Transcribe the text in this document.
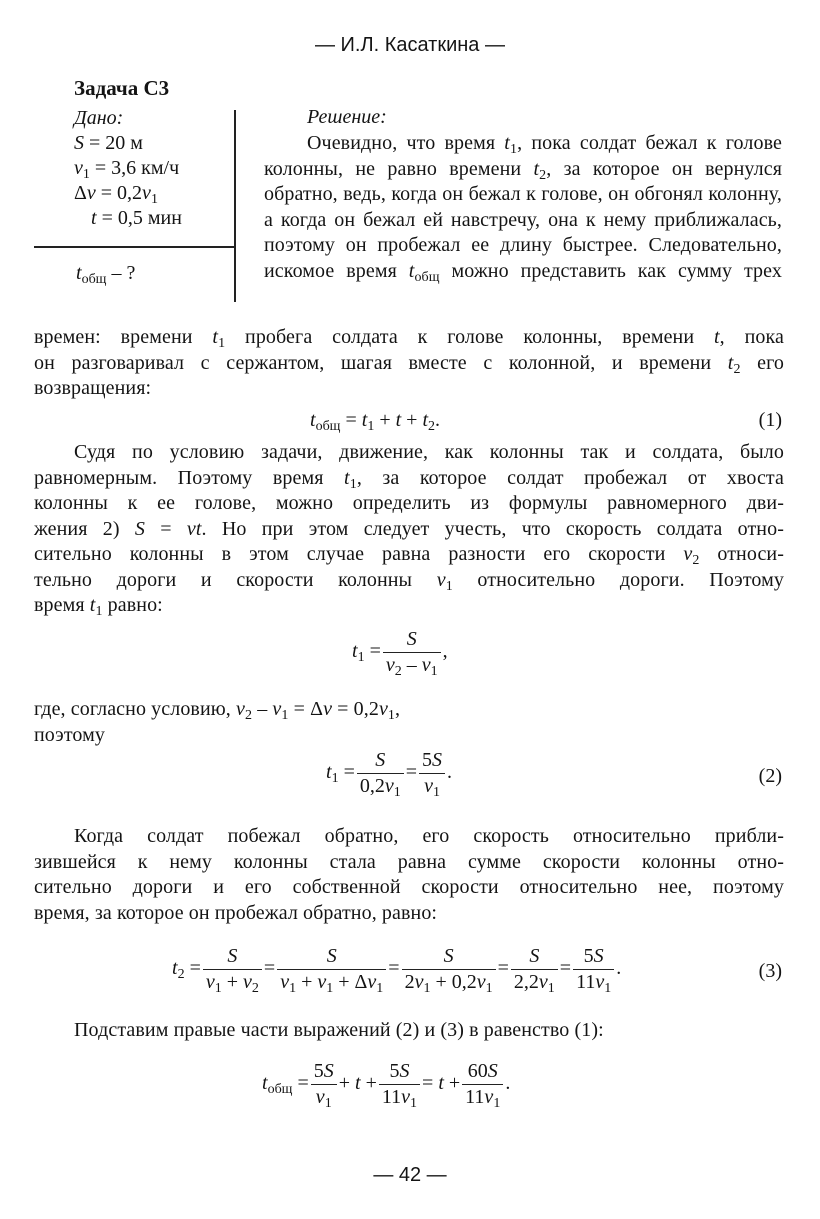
— И.Л. Касаткина —
Задача С3
Дано:
S = 20 м
$v_1 = 3,6$ км/ч
$\Delta v = 0,2v_1$
t = 0,5 мин
$t_{общ}$ – ?
Решение:
Очевидно, что время $t_1$, пока солдат бежал к голове колонны, не равно времени $t_2$, за которое он вернулся обратно, ведь, когда он бежал к голове, он обгонял колонну, а когда он бежал ей навстречу, она к нему приближалась, поэтому он пробежал ее длину быстрее. Следовательно, искомое время $t_{общ}$ можно представить как сумму трех
времен: времени $t_1$ пробега солдата к голове колонны, времени t, пока
он разговаривал с сержантом, шагая вместе с колонной, и времени $t_2$ его
возвращения:
$t_{общ} = t_1 + t + t_2$.	(1)
Судя по условию задачи, движение, как колонны так и солдата, было
равномерным. Поэтому время $t_1$, за которое солдат пробежал от хвоста
колонны к ее голове, можно определить из формулы равномерного дви-
жения 2) S = vt. Но при этом следует учесть, что скорость солдата отно-
сительно колонны в этом случае равна разности его скорости $v_2$ относи-
тельно дороги и скорости колонны $v_1$ относительно дороги. Поэтому
время $t_1$ равно:
$t_1 = \frac{S}{v_2 - v_1}$ ,
где, согласно условию, $v_2 - v_1 = \Delta v = 0,2v_1$,
поэтому
$t_1 = \frac{S}{0,2v_1} = \frac{5S}{v_1}$ .	(2)
Когда солдат побежал обратно, его скорость относительно прибли-
зившейся к нему колонны стала равна сумме скорости колонны отно-
сительно дороги и его собственной скорости относительно нее, поэтому
время, за которое он пробежал обратно, равно:
$t_2 = \frac{S}{v_1 + v_2} = \frac{S}{v_1 + v_1 + \Delta v_1} = \frac{S}{2v_1 + 0,2v_1} = \frac{S}{2,2v_1} = \frac{5S}{11v_1}$ .	(3)
Подставим правые части выражений (2) и (3) в равенство (1):
$t_{общ} = \frac{5S}{v_1} + t + \frac{5S}{11v_1} = t + \frac{60S}{11v_1}$ .
— 42 —
